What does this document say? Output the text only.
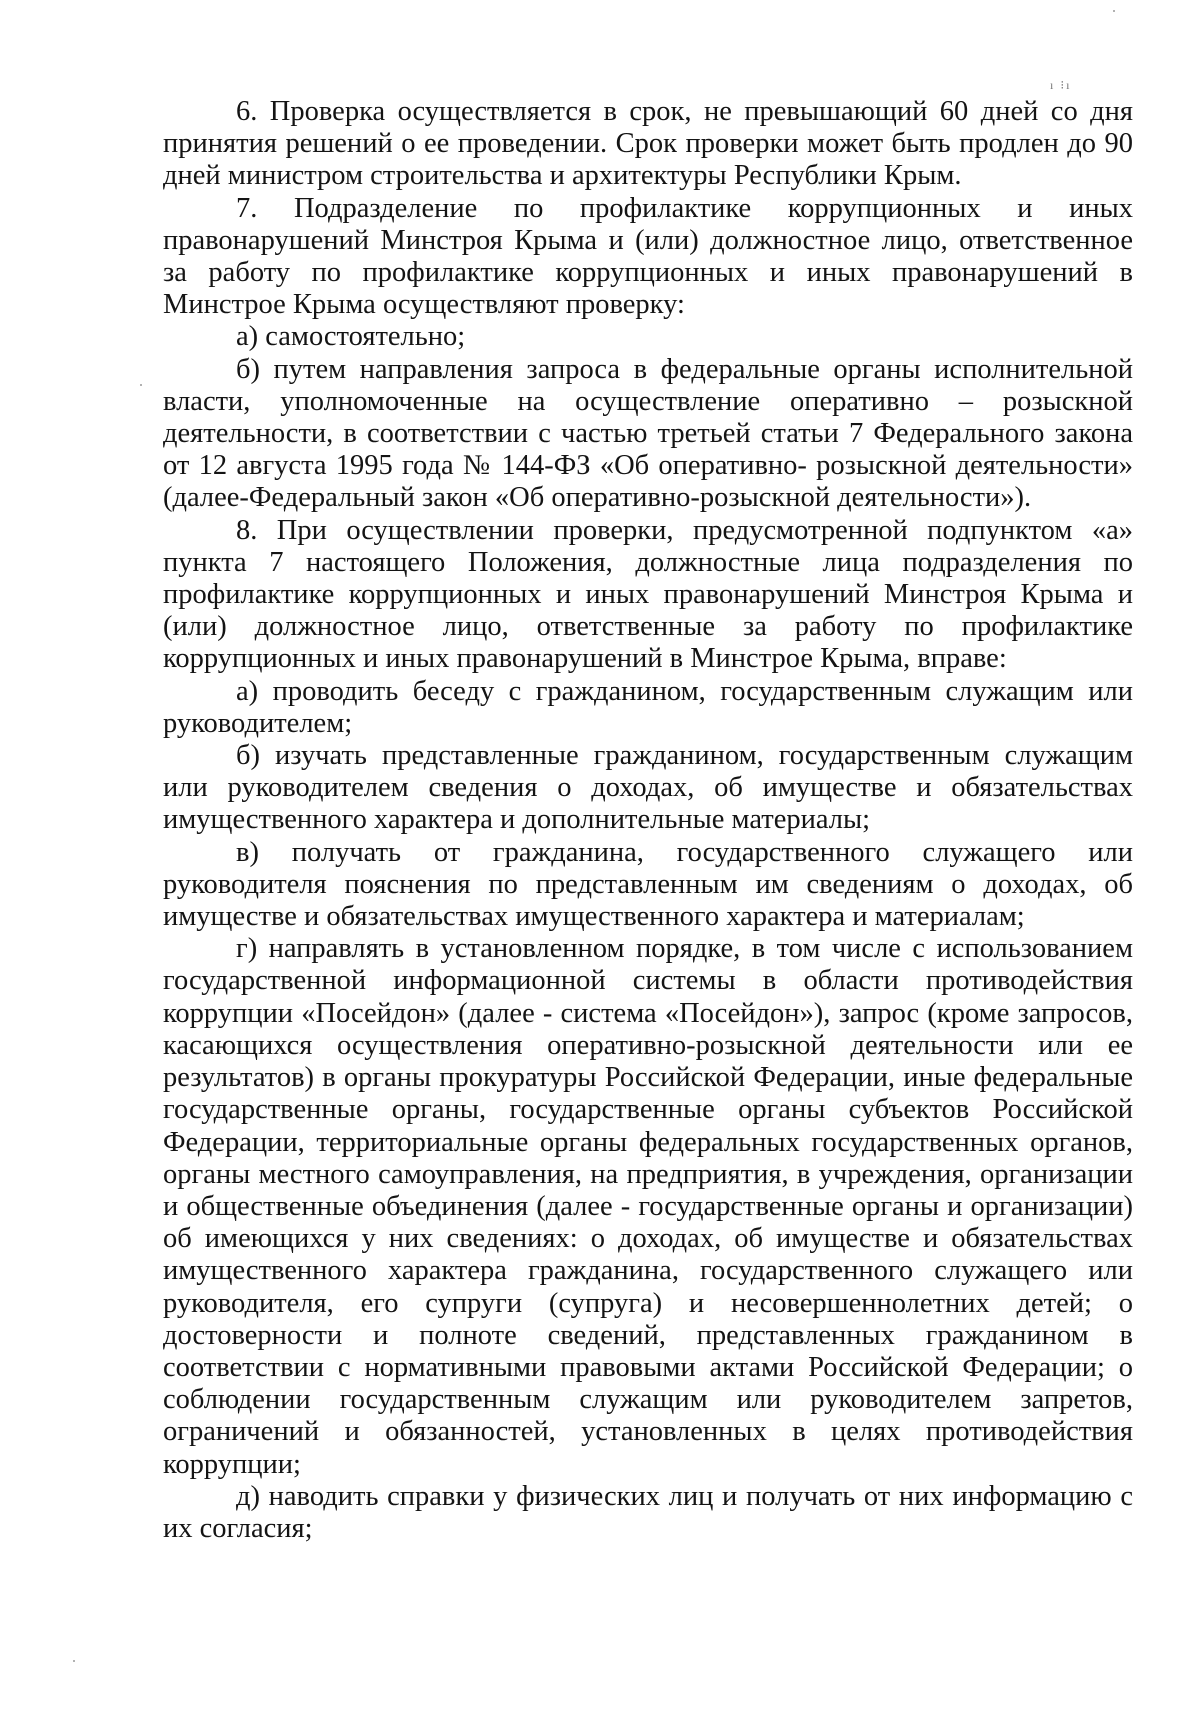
ı ⁝ı

6. Проверка осуществляется в срок, не превышающий 60 дней со дня принятия решений о ее проведении. Срок проверки может быть продлен до 90 дней министром строительства и архитектуры Республики Крым.

7. Подразделение по профилактике коррупционных и иных правонарушений Минстроя Крыма и (или) должностное лицо, ответственное за работу по профилактике коррупционных и иных правонарушений в Минстрое Крыма осуществляют проверку:

а) самостоятельно;

б) путем направления запроса в федеральные органы исполнительной власти, уполномоченные на осуществление оперативно – розыскной деятельности, в соответствии с частью третьей статьи 7 Федерального закона от 12 августа 1995 года № 144-ФЗ «Об оперативно- розыскной деятельности» (далее-Федеральный закон «Об оперативно-розыскной деятельности»).

8. При осуществлении проверки, предусмотренной подпунктом «а» пункта 7 настоящего Положения, должностные лица подразделения по профилактике коррупционных и иных правонарушений Минстроя Крыма и (или) должностное лицо, ответственные за работу по профилактике коррупционных и иных правонарушений в Минстрое Крыма, вправе:

а) проводить беседу с гражданином, государственным служащим или руководителем;

б) изучать представленные гражданином, государственным служащим или руководителем сведения о доходах, об имуществе и обязательствах имущественного характера и дополнительные материалы;

в) получать от гражданина, государственного служащего или руководителя пояснения по представленным им сведениям о доходах, об имуществе и обязательствах имущественного характера и материалам;

г) направлять в установленном порядке, в том числе с использованием государственной информационной системы в области противодействия коррупции «Посейдон» (далее - система «Посейдон»), запрос (кроме запросов, касающихся осуществления оперативно-розыскной деятельности или ее результатов) в органы прокуратуры Российской Федерации, иные федеральные государственные органы, государственные органы субъектов Российской Федерации, территориальные органы федеральных государственных органов, органы местного самоуправления, на предприятия, в учреждения, организации и общественные объединения (далее - государственные органы и организации) об имеющихся у них сведениях: о доходах, об имуществе и обязательствах имущественного характера гражданина, государственного служащего или руководителя, его супруги (супруга) и несовершеннолетних детей; о достоверности и полноте сведений, представленных гражданином в соответствии с нормативными правовыми актами Российской Федерации; о соблюдении государственным служащим или руководителем запретов, ограничений и обязанностей, установленных в целях противодействия коррупции;

д) наводить справки у физических лиц и получать от них информацию с их согласия;
